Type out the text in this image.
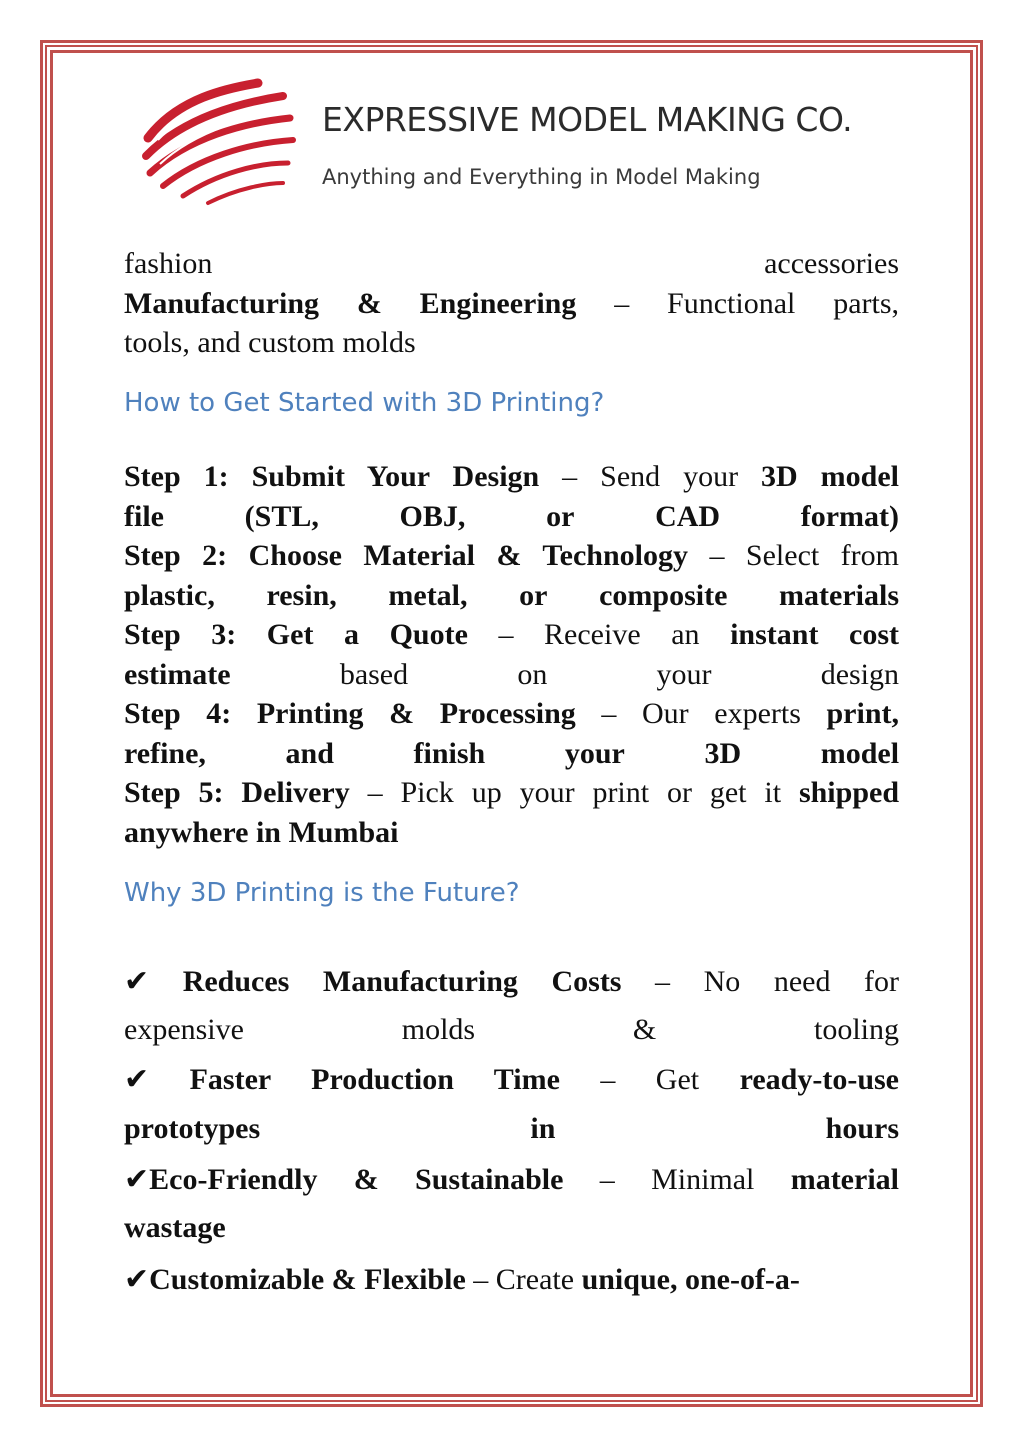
EXPRESSIVE MODEL MAKING CO.
Anything and Everything in Model Making
fashion	accessories
Manufacturing & Engineering – Functional parts,
tools, and custom molds
How to Get Started with 3D Printing?
Step 1: Submit Your Design – Send your 3D model
file	(STL,	OBJ,	or	CAD	format)
Step 2: Choose Material & Technology – Select from
plastic, resin, metal, or composite materials
Step 3: Get a Quote – Receive an instant cost
estimate	based	on	your	design
Step 4: Printing & Processing – Our experts print,
refine,	and	finish	your	3D	model
Step 5: Delivery – Pick up your print or get it shipped
anywhere in Mumbai
Why 3D Printing is the Future?
✔ Reduces Manufacturing Costs – No need for
expensive	molds	&	tooling
✔ Faster Production Time – Get ready-to-use
prototypes	in	hours
✔Eco-Friendly & Sustainable – Minimal material
wastage
✔Customizable & Flexible – Create unique, one-of-a-
